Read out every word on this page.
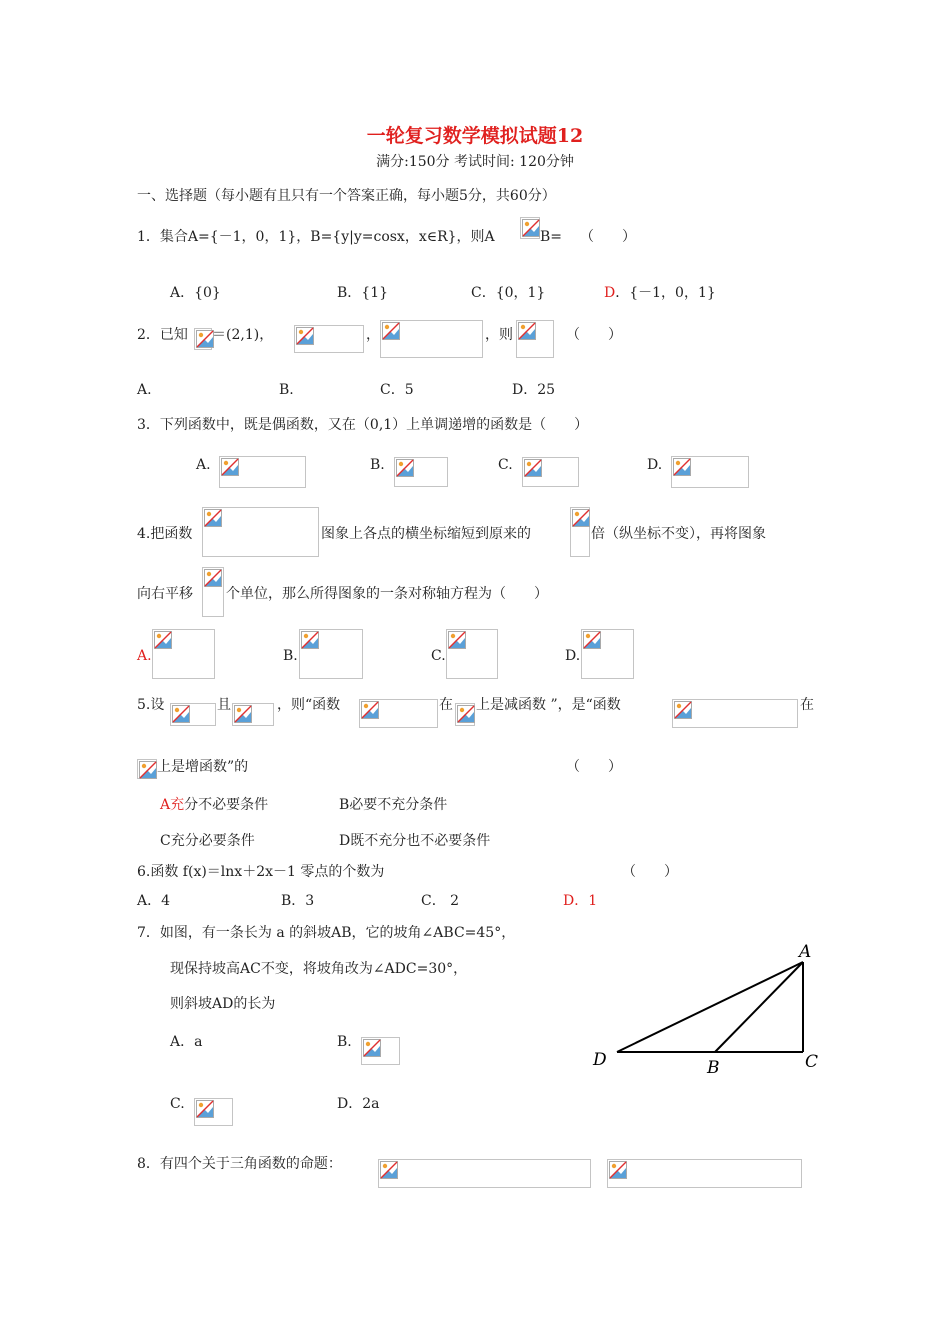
一轮复习数学模拟试题12
满分:150分 考试时间: 120分钟
一、选择题（每小题有且只有一个答案正确，每小题5分，共60分）
1．集合A={－1，0，1}，B={y|y=cosx，x∈R}，则A	B= （　　）
A．{0}	B．{1}	C．{0，1}	D．{－1，0，1}
2．已知 ＝(2,1)，	，	，则	（　　）
A.	B.	C．5	D．25
3．下列函数中，既是偶函数，又在（0,1）上单调递增的函数是（　　）
A.	B.	C.	D.
4.把函数	图象上各点的横坐标缩短到原来的	倍（纵坐标不变），再将图象
向右平移 个单位，那么所得图象的一条对称轴方程为（　　）
A.	B.	C.	D.
5.设	且	，则“函数	在 上是减函数 ”，是“函数	在
上是增函数”的	（　　）
A充分不必要条件	B必要不充分条件
C充分必要条件	D既不充分也不必要条件
6.函数 f(x)＝lnx＋2x－1 零点的个数为	（　　）
A．4	B．3	C． 2	D．1
7．如图，有一条长为 a 的斜坡AB，它的坡角∠ABC=45°，
现保持坡高AC不变，将坡角改为∠ADC=30°，
则斜坡AD的长为
A．a	B.
C.	D．2a
A
B	C
D
8．有四个关于三角函数的命题：
